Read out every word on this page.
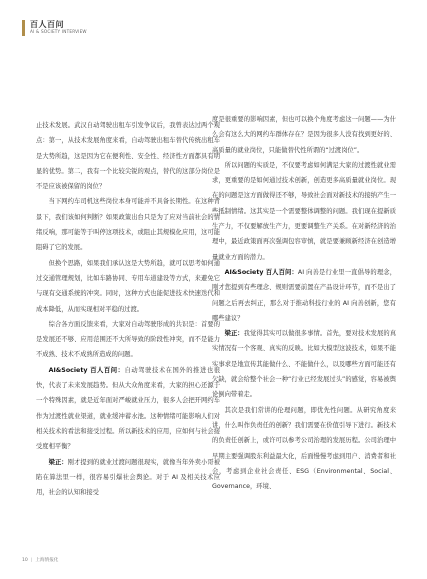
百人百问
AI & SOCIETY INTERVIEW

止技术发展。武汉自动驾驶出租车引发争议后，我曾表达过两个观点：第一，从技术发展角度来看，自动驾驶出租车替代传统出租车是大势所趋，这是因为它在便利性、安全性、经济性方面都具有明显的优势。第二，我有一个比较尖锐的观点，替代的这部分岗位是不是应该被保留的岗位？

当下网约车司机这些岗位本身可能并不具备长期性。在这种背景下，我们该如何判断？如果政策出台只是为了应对当前社会的情绪反响，那可能等于叫停这项技术，或阻止其规模化应用，这可能阻碍了它的发展。

但换个思路，如果我们承认这是大势所趋，就可以思考如何通过交通管理规划，比如车路协同、专用车道建设等方式，来避免它与现有交通系统的冲突。同时，这种方式也能促进技术快速迭代和成本降低，从而实现相对平稳的过渡。

综合各方面反馈来看，大家对自动驾驶形成的共识是：首要的是发展还不够、应用范围还不大所导致的阶段性冲突，而不是能力不成熟、技术不成熟所造成的问题。

AI&Society 百人百问：自动驾驶技术在国外的推进也很快，代表了未来发展趋势。但从大众角度来看，大家的担心还源于一个特殊因素，就是近年面对严峻就业压力，很多人会把开网约车作为过渡性就业渠道，就业缓冲蓄水池。这种情绪可能影响人们对相关技术的看法和接受过程。所以新技术的应用，应如何与社会接受度相平衡？

梁正：刚才提到的就业过渡问题很现实，就像当年外卖小哥被陷在算法里一样，很容易引爆社会舆论。对于 AI 及相关技术应用，社会的认知和接受

度是很重要的影响因素，但也可以换个角度考虑这一问题——为什么会有这么大的网约车群体存在？是因为很多人没有找到更好的、高质量的就业岗位，只能做替代性所谓的“过渡岗位”。

所以问题的实质是，不仅要考虑如何满足大家的过渡性就业需求，更重要的是如何通过技术创新，创造更多高质量就业岗位。现在的问题是这方面做得还不够，导致社会面对新技术的接纳产生一些抵制情绪。这其实是一个需要整体调整的问题。我们现在提新质生产力，不仅要解放生产力，更要调整生产关系。在对新经济的治理中，最近政策面再次强调包容审慎，就是要兼顾新经济在创造增量就业方面的潜力。

AI&Society 百人百问：AI 向善是行业里一直倡导的理念，刚才您提到有些理念、规则需要前置在产品设计环节，而不是出了问题之后再去纠正，那么对于推动科技行业的 AI 向善创新，您有哪些建议？

梁正：我觉得其实可以做很多事情。首先，要对技术发展的真实情况有一个客观、真实的反映。比如大模型这波技术，如果不能实事求是地宣传其能做什么、不能做什么，以及哪些方面可能还有欠缺，就会给整个社会一种“行业已经发展过头”的感觉，容易被舆论倒向带着走。

其次是我们常讲的伦理问题，即优先性问题。从研究角度来讲，什么叫作负责任的创新？我们需要在价值引导下进行。新技术的负责任创新上，或许可以参考公司治理的发展历程。公司治理中早期主要强调股东利益最大化，后面慢慢考虑到用户、消费者和社会，考虑到企业社会责任、ESG（Environmental、Social、Governance，环境、

10 | 上海情报化
